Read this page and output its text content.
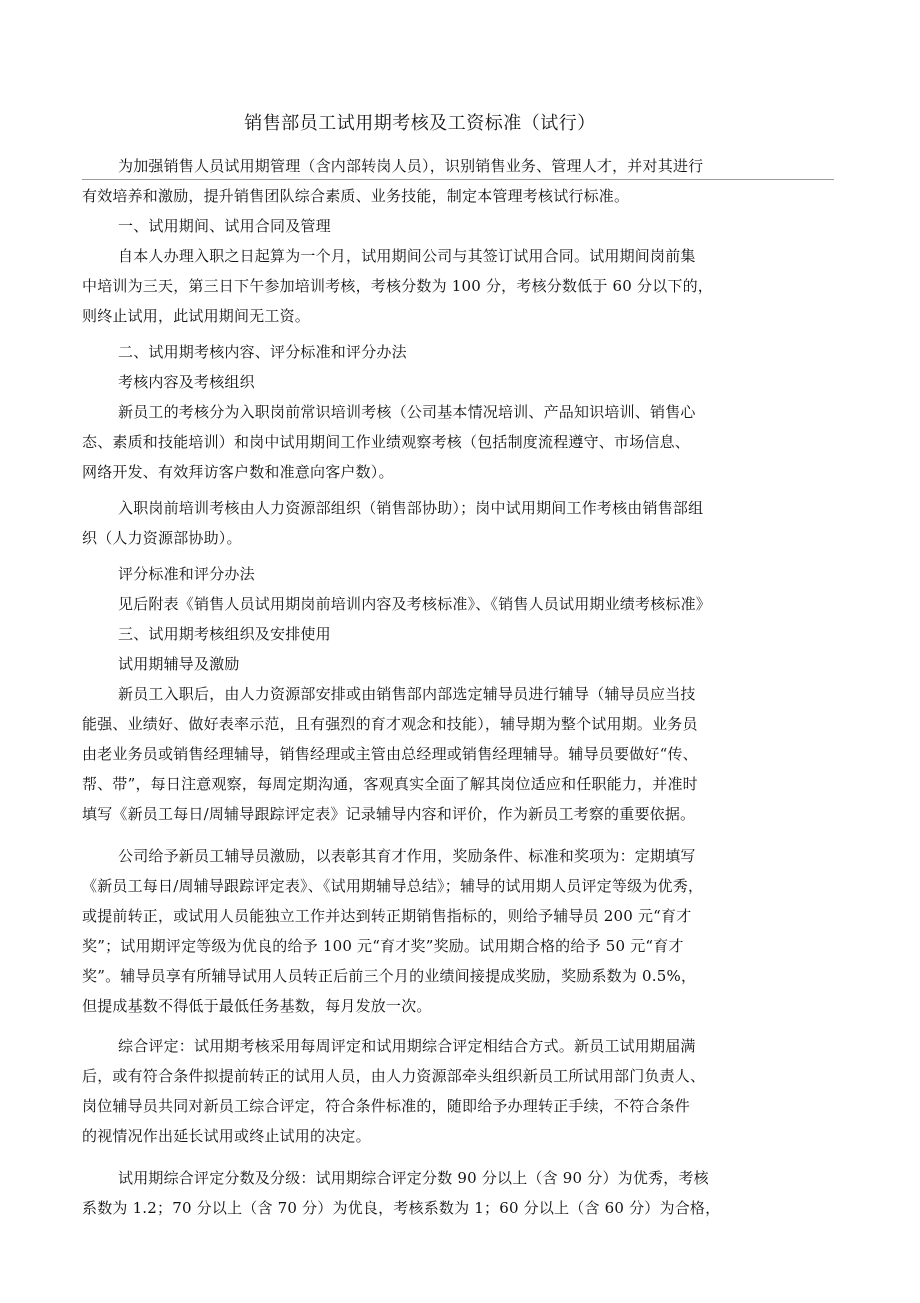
销售部员工试用期考核及工资标准（试行）
为加强销售人员试用期管理（含内部转岗人员），识别销售业务、管理人才，并对其进行
有效培养和激励，提升销售团队综合素质、业务技能，制定本管理考核试行标准。
一、试用期间、试用合同及管理
自本人办理入职之日起算为一个月，试用期间公司与其签订试用合同。试用期间岗前集
中培训为三天，第三日下午参加培训考核，考核分数为 100 分，考核分数低于 60 分以下的，
则终止试用，此试用期间无工资。
二、试用期考核内容、评分标准和评分办法
考核内容及考核组织
新员工的考核分为入职岗前常识培训考核（公司基本情况培训、产品知识培训、销售心
态、素质和技能培训）和岗中试用期间工作业绩观察考核（包括制度流程遵守、市场信息、
网络开发、有效拜访客户数和准意向客户数）。
入职岗前培训考核由人力资源部组织（销售部协助）；岗中试用期间工作考核由销售部组
织（人力资源部协助）。
评分标准和评分办法
见后附表《销售人员试用期岗前培训内容及考核标准》、《销售人员试用期业绩考核标准》
三、试用期考核组织及安排使用
试用期辅导及激励
新员工入职后，由人力资源部安排或由销售部内部选定辅导员进行辅导（辅导员应当技
能强、业绩好、做好表率示范，且有强烈的育才观念和技能），辅导期为整个试用期。业务员
由老业务员或销售经理辅导，销售经理或主管由总经理或销售经理辅导。辅导员要做好“传、
帮、带”，每日注意观察，每周定期沟通，客观真实全面了解其岗位适应和任职能力，并准时
填写《新员工每日/周辅导跟踪评定表》记录辅导内容和评价，作为新员工考察的重要依据。
公司给予新员工辅导员激励，以表彰其育才作用，奖励条件、标准和奖项为：定期填写
《新员工每日/周辅导跟踪评定表》、《试用期辅导总结》；辅导的试用期人员评定等级为优秀，
或提前转正，或试用人员能独立工作并达到转正期销售指标的，则给予辅导员 200 元“育才
奖”；试用期评定等级为优良的给予 100 元“育才奖”奖励。试用期合格的给予 50 元“育才
奖”。辅导员享有所辅导试用人员转正后前三个月的业绩间接提成奖励，奖励系数为 0.5%，
但提成基数不得低于最低任务基数，每月发放一次。
综合评定：试用期考核采用每周评定和试用期综合评定相结合方式。新员工试用期届满
后，或有符合条件拟提前转正的试用人员，由人力资源部牵头组织新员工所试用部门负责人、
岗位辅导员共同对新员工综合评定，符合条件标准的，随即给予办理转正手续，不符合条件
的视情况作出延长试用或终止试用的决定。
试用期综合评定分数及分级：试用期综合评定分数 90 分以上（含 90 分）为优秀，考核
系数为 1.2；70 分以上（含 70 分）为优良，考核系数为 1；60 分以上（含 60 分）为合格，
